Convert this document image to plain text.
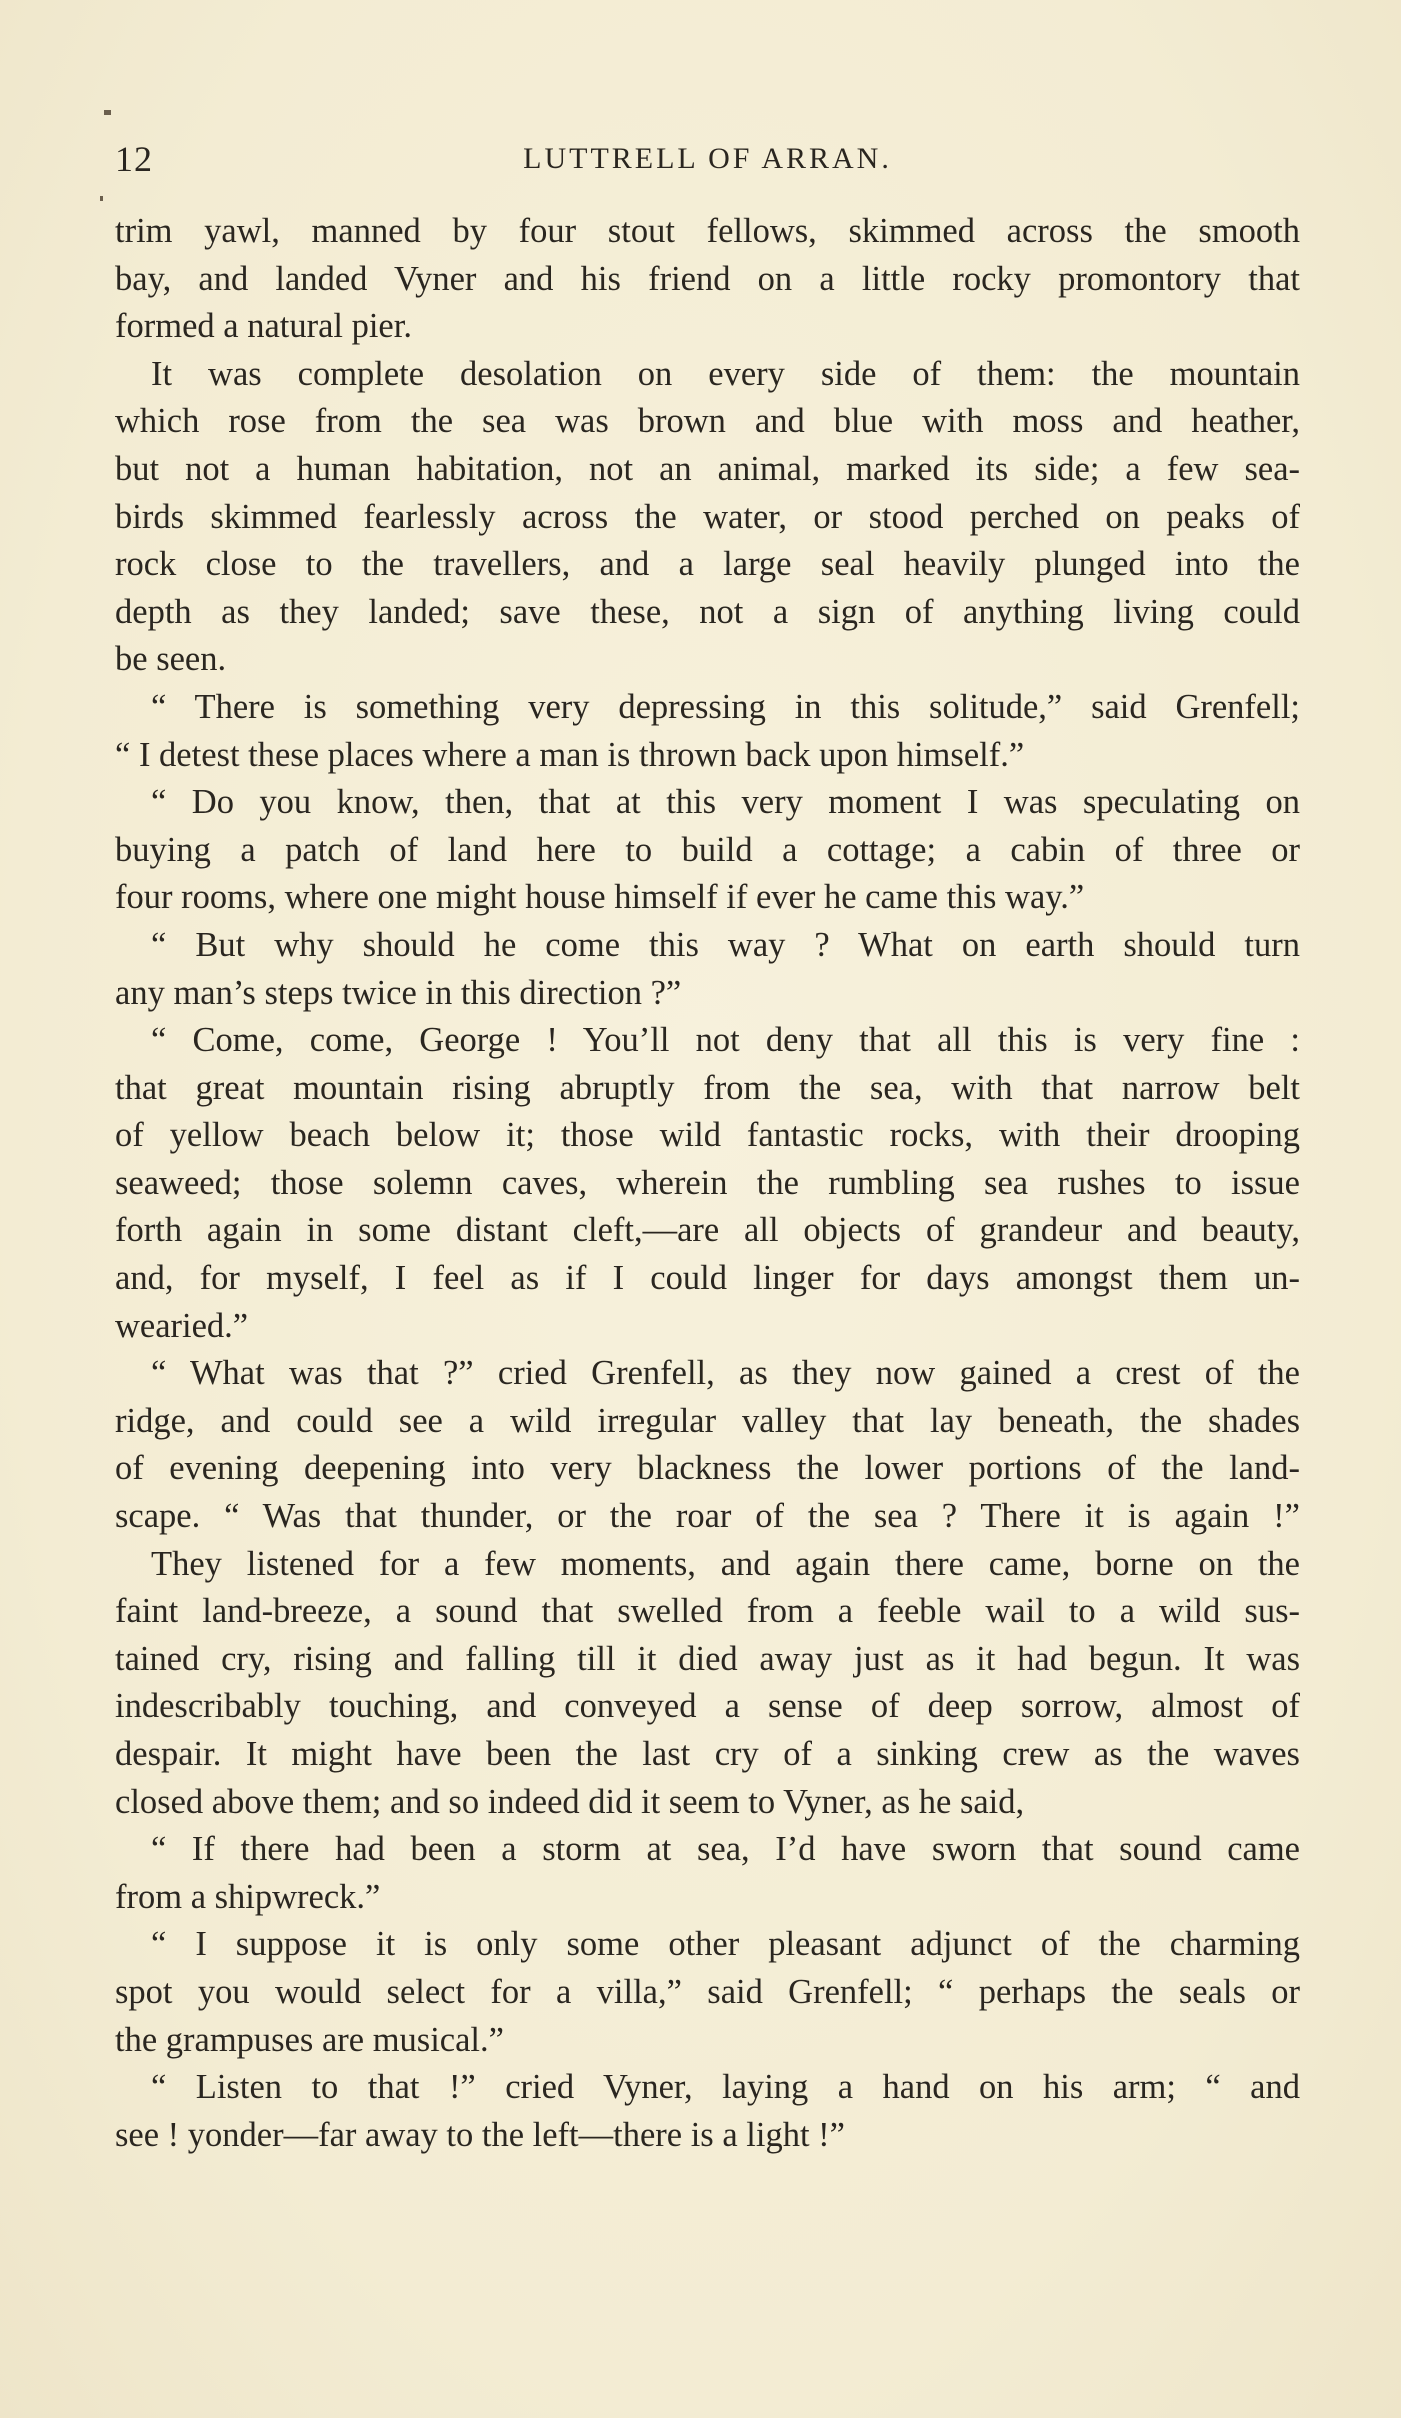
12	LUTTRELL OF ARRAN.
trim yawl, manned by four stout fellows, skimmed across the smooth
bay, and landed Vyner and his friend on a little rocky promontory that
formed a natural pier.
It was complete desolation on every side of them: the mountain
which rose from the sea was brown and blue with moss and heather,
but not a human habitation, not an animal, marked its side; a few sea-
birds skimmed fearlessly across the water, or stood perched on peaks of
rock close to the travellers, and a large seal heavily plunged into the
depth as they landed; save these, not a sign of anything living could
be seen.
“ There is something very depressing in this solitude,” said Grenfell;
“ I detest these places where a man is thrown back upon himself.”
“ Do you know, then, that at this very moment I was speculating on
buying a patch of land here to build a cottage; a cabin of three or
four rooms, where one might house himself if ever he came this way.”
“ But why should he come this way ? What on earth should turn
any man’s steps twice in this direction ?”
“ Come, come, George ! You’ll not deny that all this is very fine :
that great mountain rising abruptly from the sea, with that narrow belt
of yellow beach below it; those wild fantastic rocks, with their drooping
seaweed; those solemn caves, wherein the rumbling sea rushes to issue
forth again in some distant cleft,—are all objects of grandeur and beauty,
and, for myself, I feel as if I could linger for days amongst them un-
wearied.”
“ What was that ?” cried Grenfell, as they now gained a crest of the
ridge, and could see a wild irregular valley that lay beneath, the shades
of evening deepening into very blackness the lower portions of the land-
scape. “ Was that thunder, or the roar of the sea ? There it is again !”
They listened for a few moments, and again there came, borne on the
faint land-breeze, a sound that swelled from a feeble wail to a wild sus-
tained cry, rising and falling till it died away just as it had begun. It was
indescribably touching, and conveyed a sense of deep sorrow, almost of
despair. It might have been the last cry of a sinking crew as the waves
closed above them; and so indeed did it seem to Vyner, as he said,
“ If there had been a storm at sea, I’d have sworn that sound came
from a shipwreck.”
“ I suppose it is only some other pleasant adjunct of the charming
spot you would select for a villa,” said Grenfell; “ perhaps the seals or
the grampuses are musical.”
“ Listen to that !” cried Vyner, laying a hand on his arm; “ and
see ! yonder—far away to the left—there is a light !”
